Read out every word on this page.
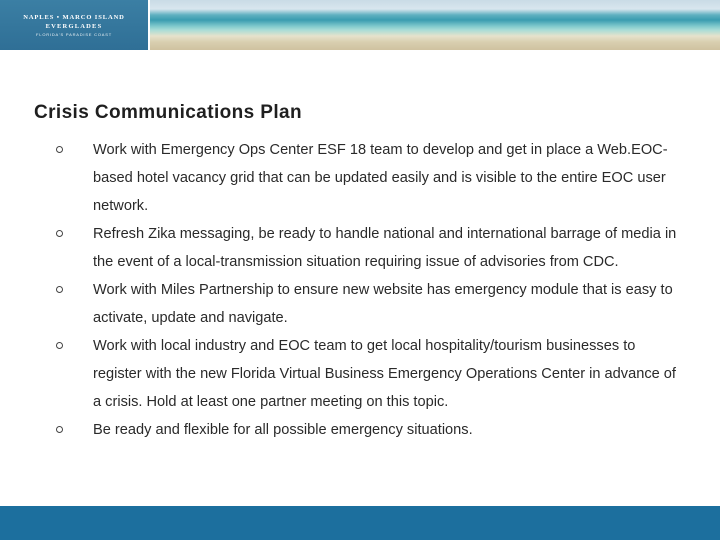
NAPLES • MARCO ISLAND
EVERGLADES
FLORIDA'S PARADISE COAST
Crisis Communications Plan
Work with Emergency Ops Center ESF 18 team to develop and get in place a Web.EOC-based hotel vacancy grid that can be updated easily and is visible to the entire EOC user network.
Refresh Zika messaging, be ready to handle national and international barrage of media in the event of a local-transmission situation requiring issue of advisories from CDC.
Work with Miles Partnership to ensure new website has emergency module that is easy to activate, update and navigate.
Work with local industry and EOC team to get local hospitality/tourism businesses to register with the new Florida Virtual Business Emergency Operations Center in advance of a crisis. Hold at least one partner meeting on this topic.
Be ready and flexible for all possible emergency situations.
